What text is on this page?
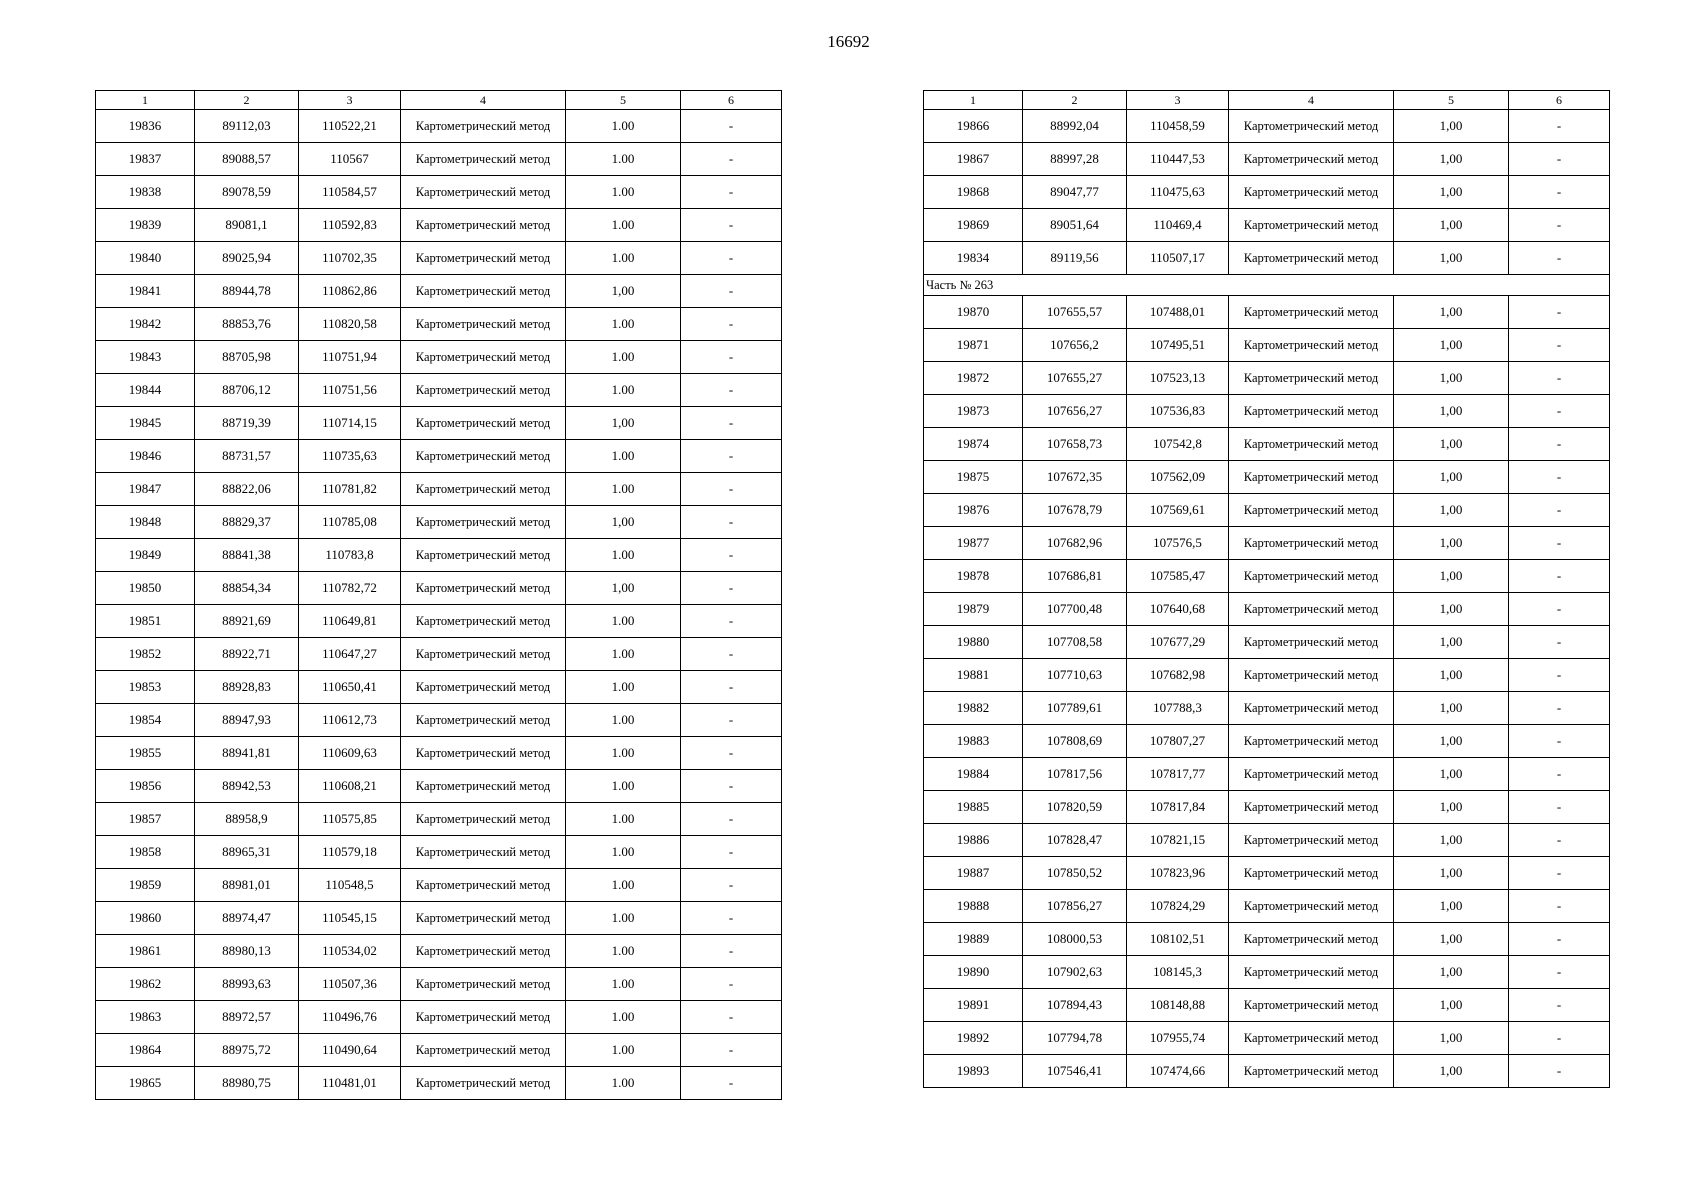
16692
1	2	3	4	5	6
19836	89112,03	110522,21	Картометрический метод	1.00	-
19837	89088,57	110567	Картометрический метод	1.00	-
19838	89078,59	110584,57	Картометрический метод	1.00	-
19839	89081,1	110592,83	Картометрический метод	1.00	-
19840	89025,94	110702,35	Картометрический метод	1.00	-
19841	88944,78	110862,86	Картометрический метод	1,00	-
19842	88853,76	110820,58	Картометрический метод	1.00	-
19843	88705,98	110751,94	Картометрический метод	1.00	-
19844	88706,12	110751,56	Картометрический метод	1.00	-
19845	88719,39	110714,15	Картометрический метод	1,00	-
19846	88731,57	110735,63	Картометрический метод	1.00	-
19847	88822,06	110781,82	Картометрический метод	1.00	-
19848	88829,37	110785,08	Картометрический метод	1,00	-
19849	88841,38	110783,8	Картометрический метод	1.00	-
19850	88854,34	110782,72	Картометрический метод	1,00	-
19851	88921,69	110649,81	Картометрический метод	1.00	-
19852	88922,71	110647,27	Картометрический метод	1.00	-
19853	88928,83	110650,41	Картометрический метод	1.00	-
19854	88947,93	110612,73	Картометрический метод	1.00	-
19855	88941,81	110609,63	Картометрический метод	1.00	-
19856	88942,53	110608,21	Картометрический метод	1.00	-
19857	88958,9	110575,85	Картометрический метод	1.00	-
19858	88965,31	110579,18	Картометрический метод	1.00	-
19859	88981,01	110548,5	Картометрический метод	1.00	-
19860	88974,47	110545,15	Картометрический метод	1.00	-
19861	88980,13	110534,02	Картометрический метод	1.00	-
19862	88993,63	110507,36	Картометрический метод	1.00	-
19863	88972,57	110496,76	Картометрический метод	1.00	-
19864	88975,72	110490,64	Картометрический метод	1.00	-
19865	88980,75	110481,01	Картометрический метод	1.00	-
1	2	3	4	5	6
19866	88992,04	110458,59	Картометрический метод	1,00	-
19867	88997,28	110447,53	Картометрический метод	1,00	-
19868	89047,77	110475,63	Картометрический метод	1,00	-
19869	89051,64	110469,4	Картометрический метод	1,00	-
19834	89119,56	110507,17	Картометрический метод	1,00	-
Часть № 263					
19870	107655,57	107488,01	Картометрический метод	1,00	-
19871	107656,2	107495,51	Картометрический метод	1,00	-
19872	107655,27	107523,13	Картометрический метод	1,00	-
19873	107656,27	107536,83	Картометрический метод	1,00	-
19874	107658,73	107542,8	Картометрический метод	1,00	-
19875	107672,35	107562,09	Картометрический метод	1,00	-
19876	107678,79	107569,61	Картометрический метод	1,00	-
19877	107682,96	107576,5	Картометрический метод	1,00	-
19878	107686,81	107585,47	Картометрический метод	1,00	-
19879	107700,48	107640,68	Картометрический метод	1,00	-
19880	107708,58	107677,29	Картометрический метод	1,00	-
19881	107710,63	107682,98	Картометрический метод	1,00	-
19882	107789,61	107788,3	Картометрический метод	1,00	-
19883	107808,69	107807,27	Картометрический метод	1,00	-
19884	107817,56	107817,77	Картометрический метод	1,00	-
19885	107820,59	107817,84	Картометрический метод	1,00	-
19886	107828,47	107821,15	Картометрический метод	1,00	-
19887	107850,52	107823,96	Картометрический метод	1,00	-
19888	107856,27	107824,29	Картометрический метод	1,00	-
19889	108000,53	108102,51	Картометрический метод	1,00	-
19890	107902,63	108145,3	Картометрический метод	1,00	-
19891	107894,43	108148,88	Картометрический метод	1,00	-
19892	107794,78	107955,74	Картометрический метод	1,00	-
19893	107546,41	107474,66	Картометрический метод	1,00	-
